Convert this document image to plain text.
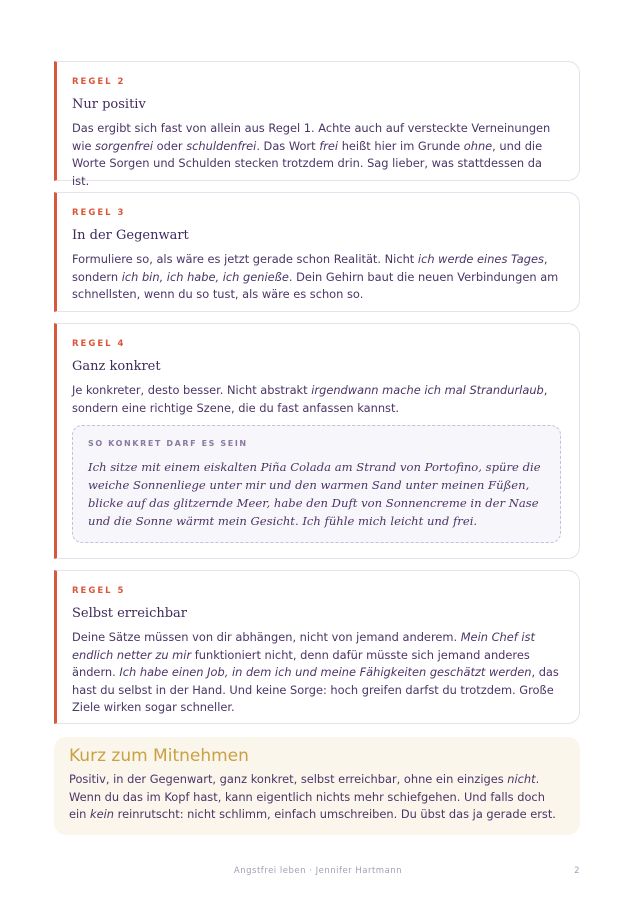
REGEL 2
Nur positiv
Das ergibt sich fast von allein aus Regel 1. Achte auch auf versteckte Verneinungen wie sorgenfrei oder schuldenfrei. Das Wort frei heißt hier im Grunde ohne, und die Worte Sorgen und Schulden stecken trotzdem drin. Sag lieber, was stattdessen da ist.
REGEL 3
In der Gegenwart
Formuliere so, als wäre es jetzt gerade schon Realität. Nicht ich werde eines Tages, sondern ich bin, ich habe, ich genieße. Dein Gehirn baut die neuen Verbindungen am schnellsten, wenn du so tust, als wäre es schon so.
REGEL 4
Ganz konkret
Je konkreter, desto besser. Nicht abstrakt irgendwann mache ich mal Strandurlaub, sondern eine richtige Szene, die du fast anfassen kannst.
SO KONKRET DARF ES SEIN
Ich sitze mit einem eiskalten Piña Colada am Strand von Portofino, spüre die weiche Sonnenliege unter mir und den warmen Sand unter meinen Füßen, blicke auf das glitzernde Meer, habe den Duft von Sonnencreme in der Nase und die Sonne wärmt mein Gesicht. Ich fühle mich leicht und frei.
REGEL 5
Selbst erreichbar
Deine Sätze müssen von dir abhängen, nicht von jemand anderem. Mein Chef ist endlich netter zu mir funktioniert nicht, denn dafür müsste sich jemand anderes ändern. Ich habe einen Job, in dem ich und meine Fähigkeiten geschätzt werden, das hast du selbst in der Hand. Und keine Sorge: hoch greifen darfst du trotzdem. Große Ziele wirken sogar schneller.
Kurz zum Mitnehmen
Positiv, in der Gegenwart, ganz konkret, selbst erreichbar, ohne ein einziges nicht. Wenn du das im Kopf hast, kann eigentlich nichts mehr schiefgehen. Und falls doch ein kein reinrutscht: nicht schlimm, einfach umschreiben. Du übst das ja gerade erst.
Angstfrei leben · Jennifer Hartmann	2
